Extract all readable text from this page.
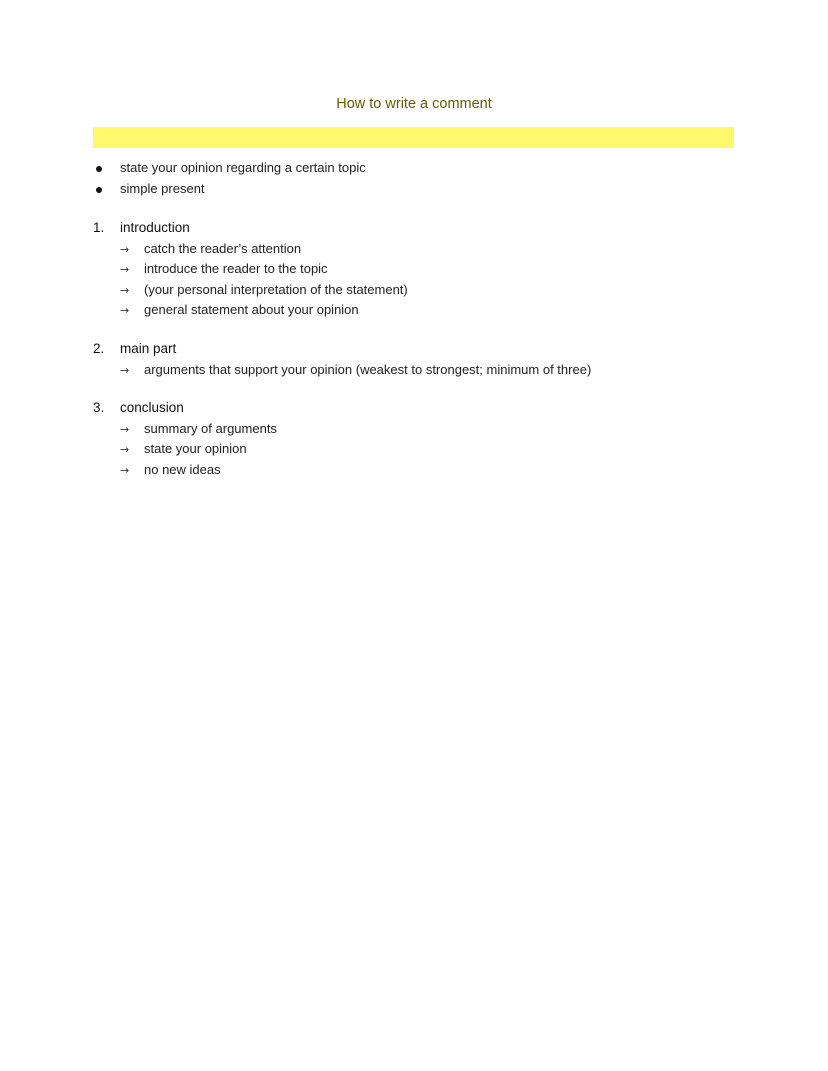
How to write a comment
state your opinion regarding a certain topic
simple present
1. introduction
→ catch the reader’s attention
→ introduce the reader to the topic
→ (your personal interpretation of the statement)
→ general statement about your opinion
2. main part
→ arguments that support your opinion (weakest to strongest; minimum of three)
3. conclusion
→ summary of arguments
→ state your opinion
→ no new ideas
